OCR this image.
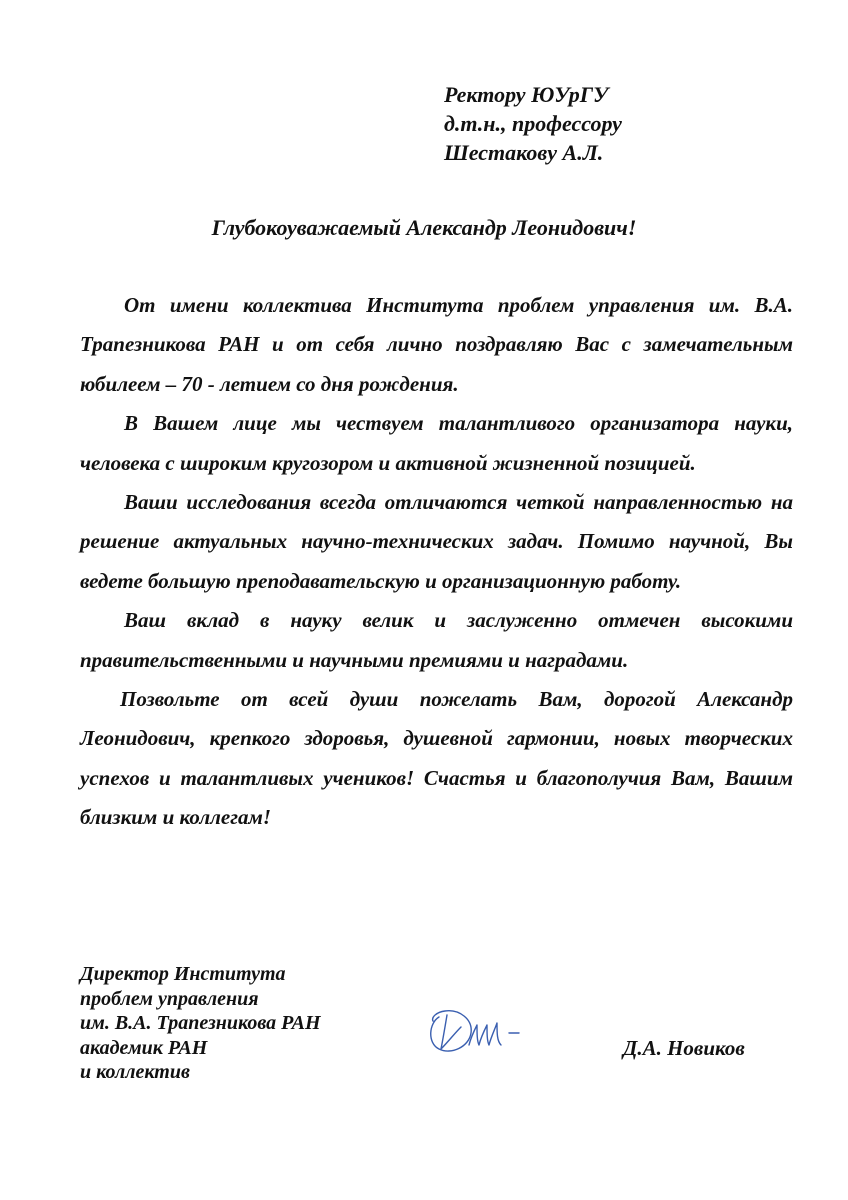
Ректору ЮУрГУ
д.т.н., профессору
Шестакову А.Л.
Глубокоуважаемый Александр Леонидович!

От имени коллектива Института проблем управления им. В.А. Трапезникова РАН и от себя лично поздравляю Вас с замечательным юбилеем – 70 - летием со дня рождения.

В Вашем лице мы чествуем талантливого организатора науки, человека с широким кругозором и активной жизненной позицией.

Ваши исследования всегда отличаются четкой направленностью на решение актуальных научно-технических задач. Помимо научной, Вы ведете большую преподавательскую и организационную работу.

Ваш вклад в науку велик и заслуженно отмечен высокими правительственными и научными премиями и наградами.

Позвольте от всей души пожелать Вам, дорогой Александр Леонидович, крепкого здоровья, душевной гармонии, новых творческих успехов и талантливых учеников! Счастья и благополучия Вам, Вашим близким и коллегам!

Директор Института
проблем управления
им. В.А. Трапезникова РАН
академик РАН
и коллектив
Д.А. Новиков
